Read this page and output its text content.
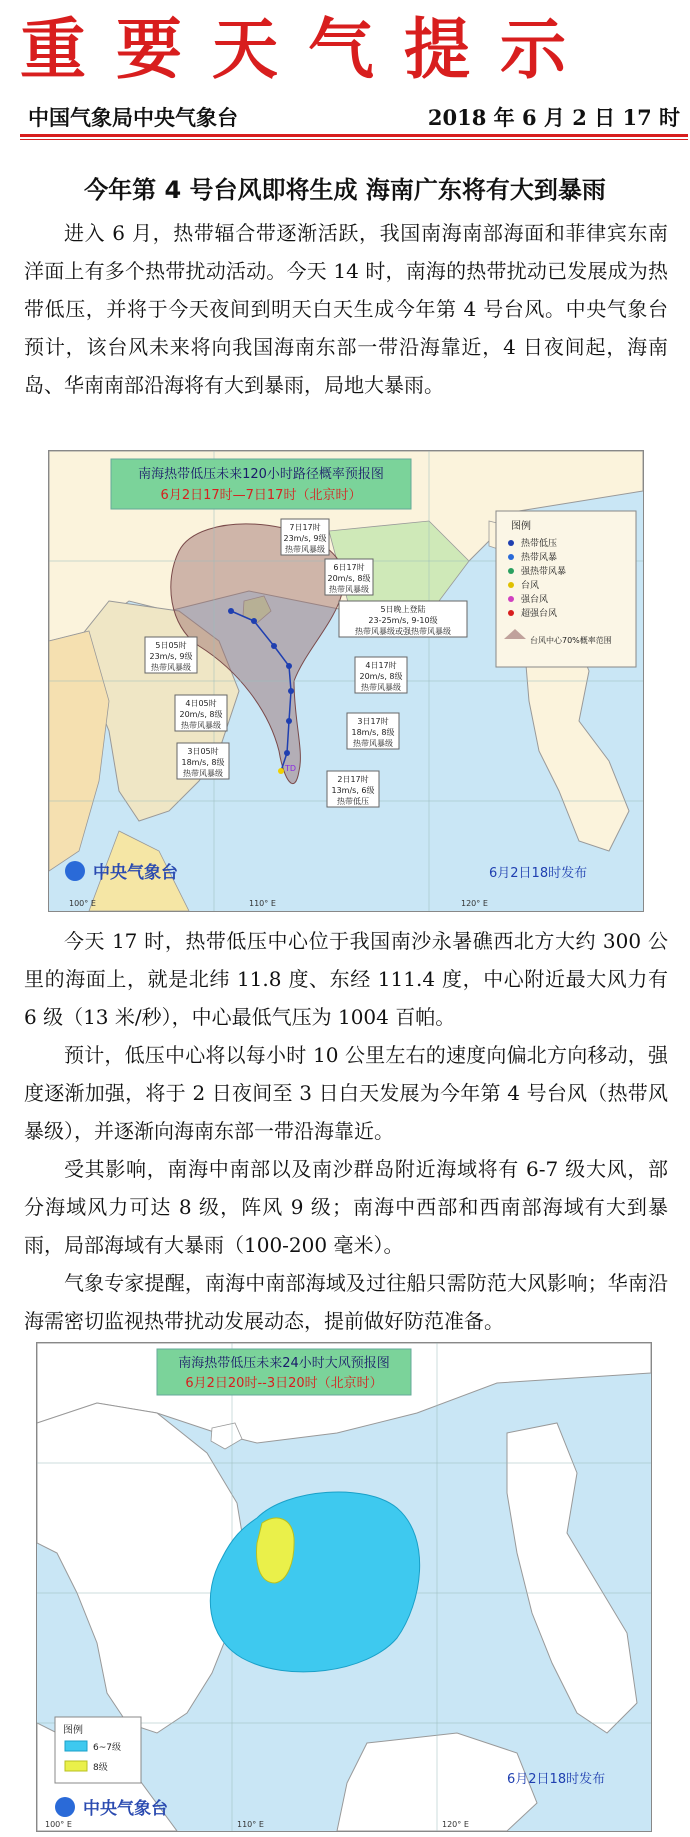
重要天气提示
中国气象局中央气象台	2018 年 6 月 2 日 17 时
今年第 4 号台风即将生成 海南广东将有大到暴雨

进入 6 月，热带辐合带逐渐活跃，我国南海南部海面和菲律宾东南洋面上有多个热带扰动活动。今天 14 时，南海的热带扰动已发展成为热带低压，并将于今天夜间到明天白天生成今年第 4 号台风。中央气象台预计，该台风未来将向我国海南东部一带沿海靠近，4 日夜间起，海南岛、华南南部沿海将有大到暴雨，局地大暴雨。

TD
南海热带低压未来120小时路径概率预报图
6月2日17时—7日17时（北京时）
7日17时
23m/s, 9级
热带风暴级
6日17时
20m/s, 8级
热带风暴级
5日晚上登陆
23-25m/s, 9-10级
热带风暴级或强热带风暴级
5日05时
23m/s, 9级
热带风暴级	4日17时
20m/s, 8级
热带风暴级
4日05时
20m/s, 8级
热带风暴级	3日17时
18m/s, 8级
热带风暴级
3日05时
18m/s, 8级
热带风暴级
2日17时
13m/s, 6级
热带低压
图例
热带低压
热带风暴
强热带风暴
台风
强台风
超强台风
台风中心70%概率范围
中央气象台	6月2日18时发布
100° E	110° E	120° E

今天 17 时，热带低压中心位于我国南沙永暑礁西北方大约 300 公里的海面上，就是北纬 11.8 度、东经 111.4 度，中心附近最大风力有 6 级（13 米/秒），中心最低气压为 1004 百帕。

预计，低压中心将以每小时 10 公里左右的速度向偏北方向移动，强度逐渐加强，将于 2 日夜间至 3 日白天发展为今年第 4 号台风（热带风暴级），并逐渐向海南东部一带沿海靠近。

受其影响，南海中南部以及南沙群岛附近海域将有 6-7 级大风，部分海域风力可达 8 级，阵风 9 级；南海中西部和西南部海域有大到暴雨，局部海域有大暴雨（100-200 毫米）。

气象专家提醒，南海中南部海域及过往船只需防范大风影响；华南沿海需密切监视热带扰动发展动态，提前做好防范准备。

南海热带低压未来24小时大风预报图
6月2日20时--3日20时（北京时）
图例
6~7级
8级
中央气象台
6月2日18时发布
100° E	110° E	120° E
